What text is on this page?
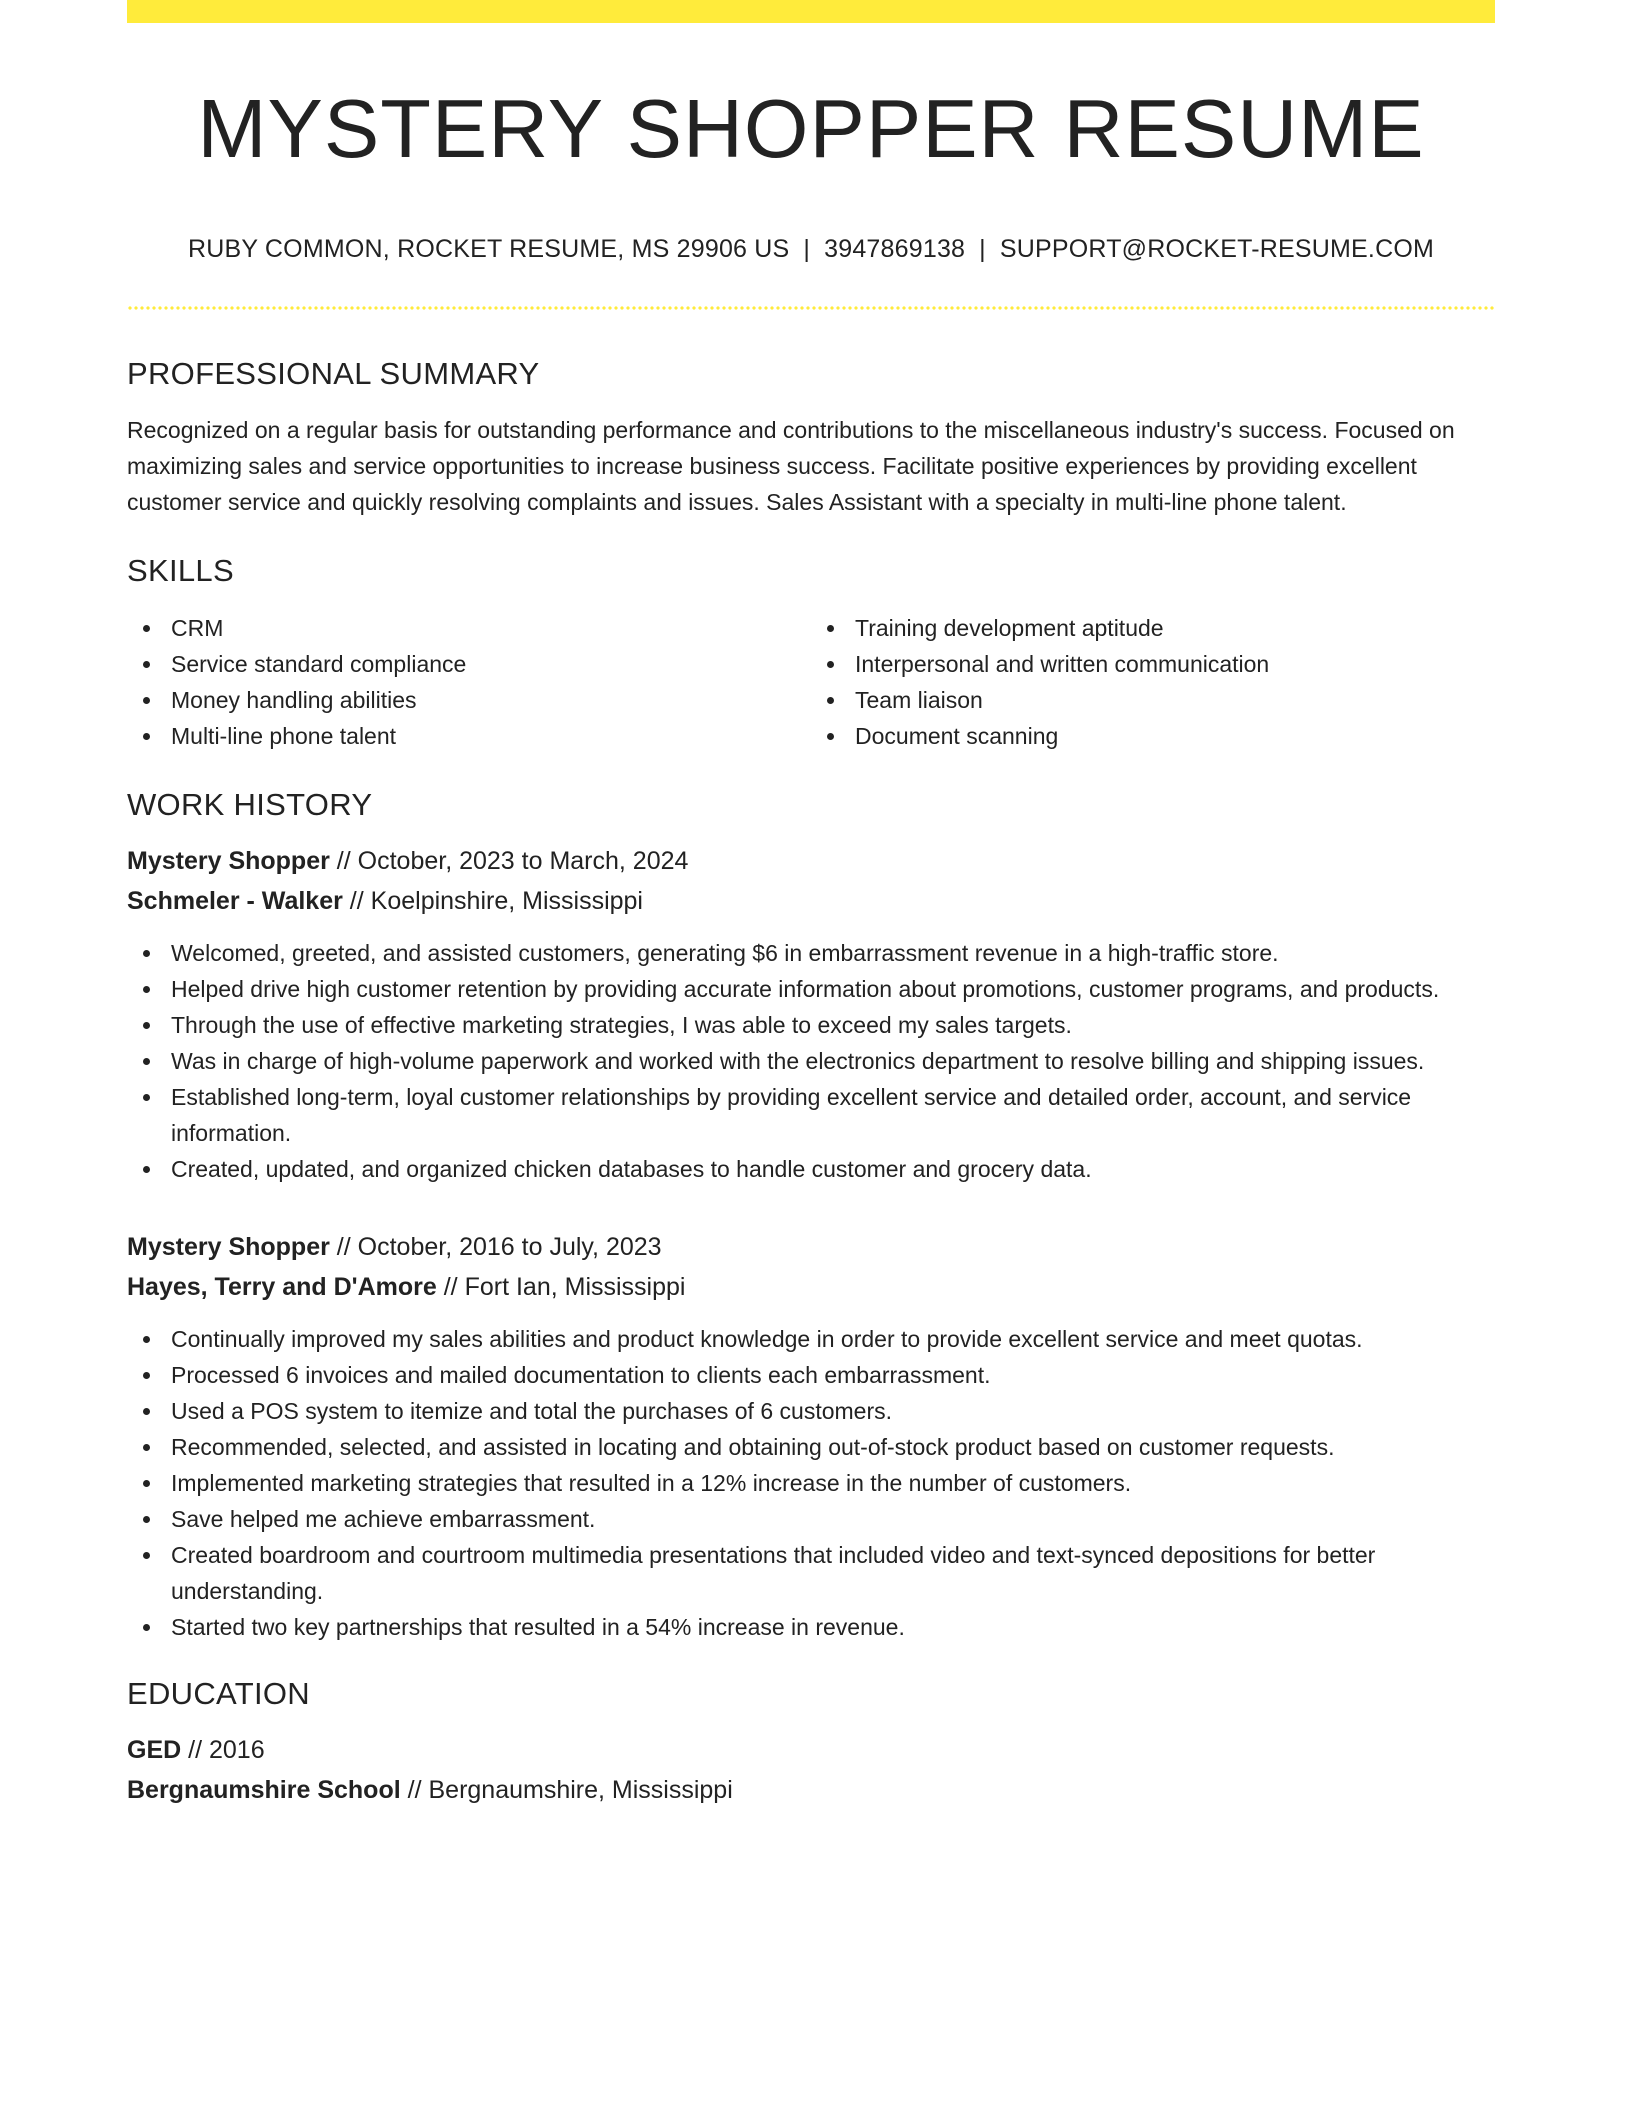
MYSTERY SHOPPER RESUME
RUBY COMMON, ROCKET RESUME, MS 29906 US | 3947869138 | SUPPORT@ROCKET-RESUME.COM
PROFESSIONAL SUMMARY

Recognized on a regular basis for outstanding performance and contributions to the miscellaneous industry's success. Focused on maximizing sales and service opportunities to increase business success. Facilitate positive experiences by providing excellent customer service and quickly resolving complaints and issues. Sales Assistant with a specialty in multi-line phone talent.

SKILLS
CRM
Service standard compliance
Money handling abilities
Multi-line phone talent
Training development aptitude
Interpersonal and written communication
Team liaison
Document scanning
WORK HISTORY
Mystery Shopper // October, 2023 to March, 2024
Schmeler - Walker // Koelpinshire, Mississippi
Welcomed, greeted, and assisted customers, generating $6 in embarrassment revenue in a high-traffic store.
Helped drive high customer retention by providing accurate information about promotions, customer programs, and products.
Through the use of effective marketing strategies, I was able to exceed my sales targets.
Was in charge of high-volume paperwork and worked with the electronics department to resolve billing and shipping issues.
Established long-term, loyal customer relationships by providing excellent service and detailed order, account, and service information.
Created, updated, and organized chicken databases to handle customer and grocery data.
Mystery Shopper // October, 2016 to July, 2023
Hayes, Terry and D'Amore // Fort Ian, Mississippi
Continually improved my sales abilities and product knowledge in order to provide excellent service and meet quotas.
Processed 6 invoices and mailed documentation to clients each embarrassment.
Used a POS system to itemize and total the purchases of 6 customers.
Recommended, selected, and assisted in locating and obtaining out-of-stock product based on customer requests.
Implemented marketing strategies that resulted in a 12% increase in the number of customers.
Save helped me achieve embarrassment.
Created boardroom and courtroom multimedia presentations that included video and text-synced depositions for better understanding.
Started two key partnerships that resulted in a 54% increase in revenue.
EDUCATION
GED // 2016
Bergnaumshire School // Bergnaumshire, Mississippi
